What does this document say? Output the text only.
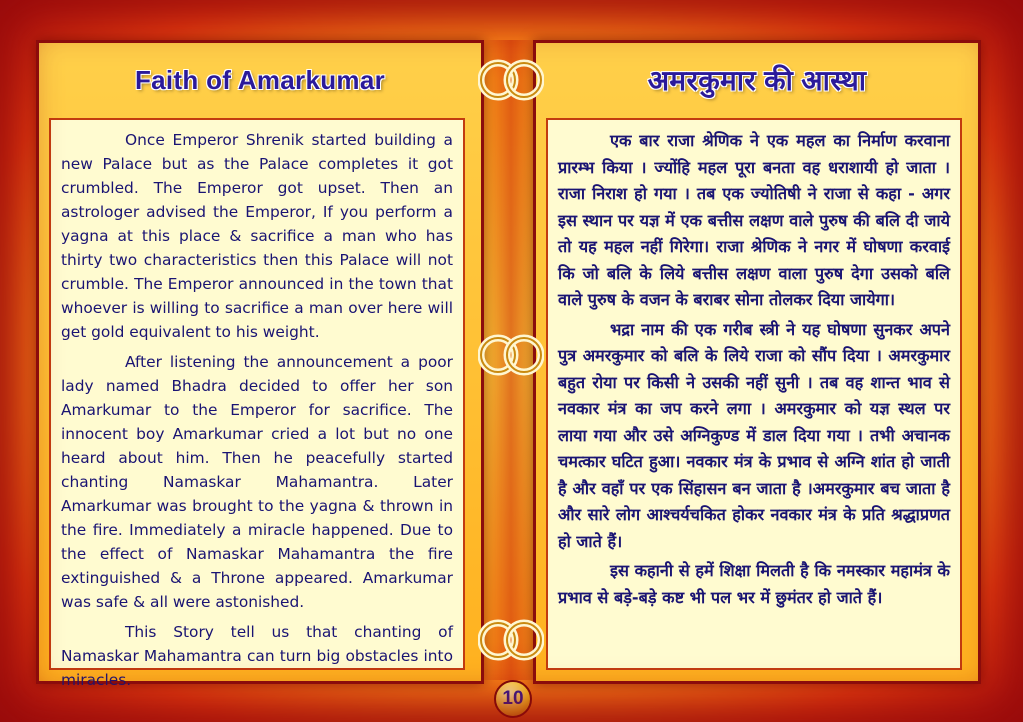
Faith of Amarkumar

Once Emperor Shrenik started building a new Palace but as the Palace completes it got crumbled. The Emperor got upset. Then an astrologer advised the Emperor, If you perform a yagna at this place & sacrifice a man who has thirty two characteristics then this Palace will not crumble. The Emperor announced in the town that whoever is willing to sacrifice a man over here will get gold equivalent to his weight.

After listening the announcement a poor lady named Bhadra decided to offer her son Amarkumar to the Emperor for sacrifice. The innocent boy Amarkumar cried a lot but no one heard about him. Then he peacefully started chanting Namaskar Mahamantra. Later Amarkumar was brought to the yagna & thrown in the fire. Immediately a miracle happened. Due to the effect of Namaskar Mahamantra the fire extinguished & a Throne appeared. Amarkumar was safe & all were astonished.

This Story tell us that chanting of Namaskar Mahamantra can turn big obstacles into miracles.

अमरकुमार की आस्था

एक बार राजा श्रेणिक ने एक महल का निर्माण करवाना प्रारम्भ किया । ज्योंहि महल पूरा बनता वह धराशायी हो जाता । राजा निराश हो गया । तब एक ज्योतिषी ने राजा से कहा - अगर इस स्थान पर यज्ञ में एक बत्तीस लक्षण वाले पुरुष की बलि दी जाये तो यह महल नहीं गिरेगा। राजा श्रेणिक ने नगर में घोषणा करवाई कि जो बलि के लिये बत्तीस लक्षण वाला पुरुष देगा उसको बलि वाले पुरुष के वजन के बराबर सोना तोलकर दिया जायेगा।

भद्रा नाम की एक गरीब स्त्री ने यह घोषणा सुनकर अपने पुत्र अमरकुमार को बलि के लिये राजा को सौंप दिया । अमरकुमार बहुत रोया पर किसी ने उसकी नहीं सुनी । तब वह शान्त भाव से नवकार मंत्र का जप करने लगा । अमरकुमार को यज्ञ स्थल पर लाया गया और उसे अग्निकुण्ड में डाल दिया गया । तभी अचानक चमत्कार घटित हुआ। नवकार मंत्र के प्रभाव से अग्नि शांत हो जाती है और वहाँ पर एक सिंहासन बन जाता है ।अमरकुमार बच जाता है और सारे लोग आश्चर्यचकित होकर नवकार मंत्र के प्रति श्रद्धाप्रणत हो जाते हैं।

इस कहानी से हमें शिक्षा मिलती है कि नमस्कार महामंत्र के प्रभाव से बड़े-बड़े कष्ट भी पल भर में छुमंतर हो जाते हैं।

10
